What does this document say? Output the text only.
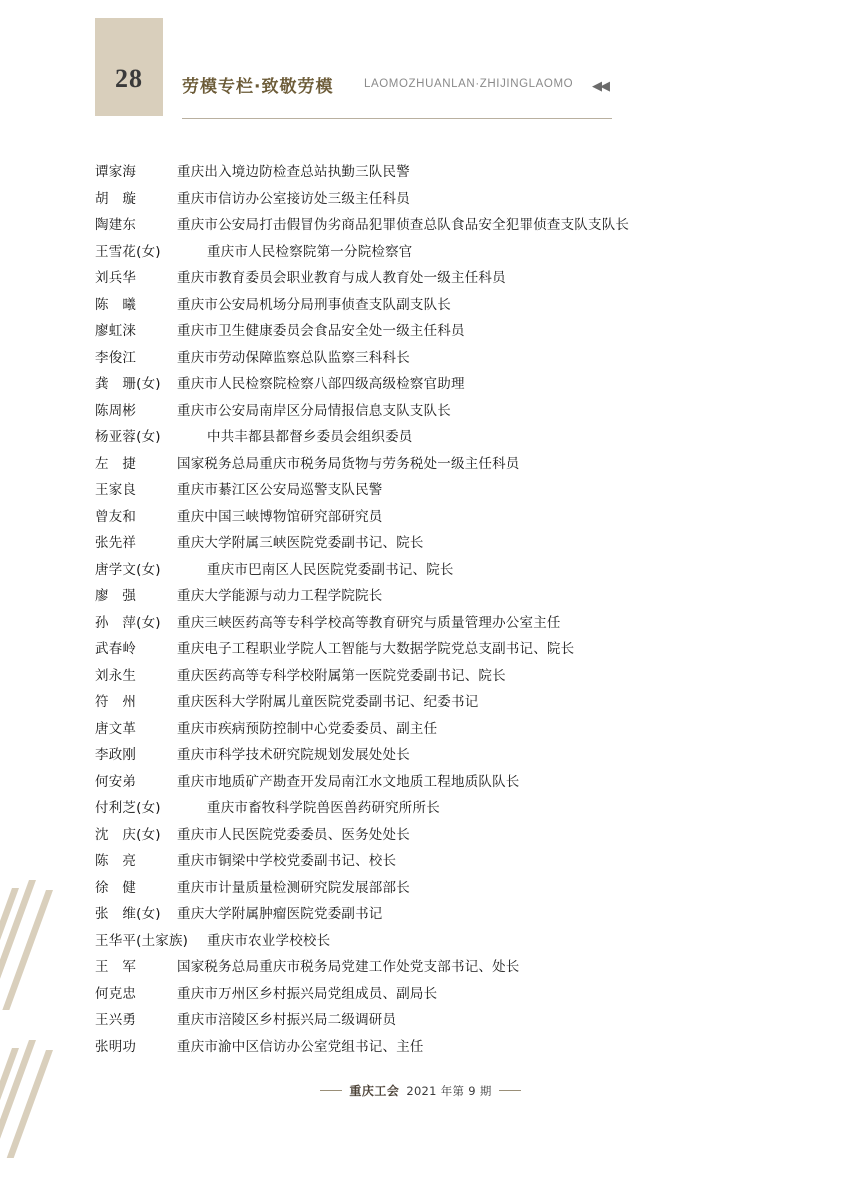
28	劳模专栏·致敬劳模	LAOMOZHUANLAN·ZHIJINGLAOMO ◀◀
谭家海	重庆出入境边防检查总站执勤三队民警
胡　璇	重庆市信访办公室接访处三级主任科员
陶建东	重庆市公安局打击假冒伪劣商品犯罪侦查总队食品安全犯罪侦查支队支队长
王雪花(女)	重庆市人民检察院第一分院检察官
刘兵华	重庆市教育委员会职业教育与成人教育处一级主任科员
陈　曦	重庆市公安局机场分局刑事侦查支队副支队长
廖虹涞	重庆市卫生健康委员会食品安全处一级主任科员
李俊江	重庆市劳动保障监察总队监察三科科长
龚　珊(女)	重庆市人民检察院检察八部四级高级检察官助理
陈周彬	重庆市公安局南岸区分局情报信息支队支队长
杨亚蓉(女)	中共丰都县都督乡委员会组织委员
左　捷	国家税务总局重庆市税务局货物与劳务税处一级主任科员
王家良	重庆市綦江区公安局巡警支队民警
曾友和	重庆中国三峡博物馆研究部研究员
张先祥	重庆大学附属三峡医院党委副书记、院长
唐学文(女)	重庆市巴南区人民医院党委副书记、院长
廖　强	重庆大学能源与动力工程学院院长
孙　萍(女)	重庆三峡医药高等专科学校高等教育研究与质量管理办公室主任
武春岭	重庆电子工程职业学院人工智能与大数据学院党总支副书记、院长
刘永生	重庆医药高等专科学校附属第一医院党委副书记、院长
符　州	重庆医科大学附属儿童医院党委副书记、纪委书记
唐文革	重庆市疾病预防控制中心党委委员、副主任
李政刚	重庆市科学技术研究院规划发展处处长
何安弟	重庆市地质矿产勘查开发局南江水文地质工程地质队队长
付利芝(女)	重庆市畜牧科学院兽医兽药研究所所长
沈　庆(女)	重庆市人民医院党委委员、医务处处长
陈　亮	重庆市铜梁中学校党委副书记、校长
徐　健	重庆市计量质量检测研究院发展部部长
张　维(女)	重庆大学附属肿瘤医院党委副书记
王华平(土家族)	重庆市农业学校校长
王　军	国家税务总局重庆市税务局党建工作处党支部书记、处长
何克忠	重庆市万州区乡村振兴局党组成员、副局长
王兴勇	重庆市涪陵区乡村振兴局二级调研员
张明功	重庆市渝中区信访办公室党组书记、主任
重庆工会 2021 年第 9 期
